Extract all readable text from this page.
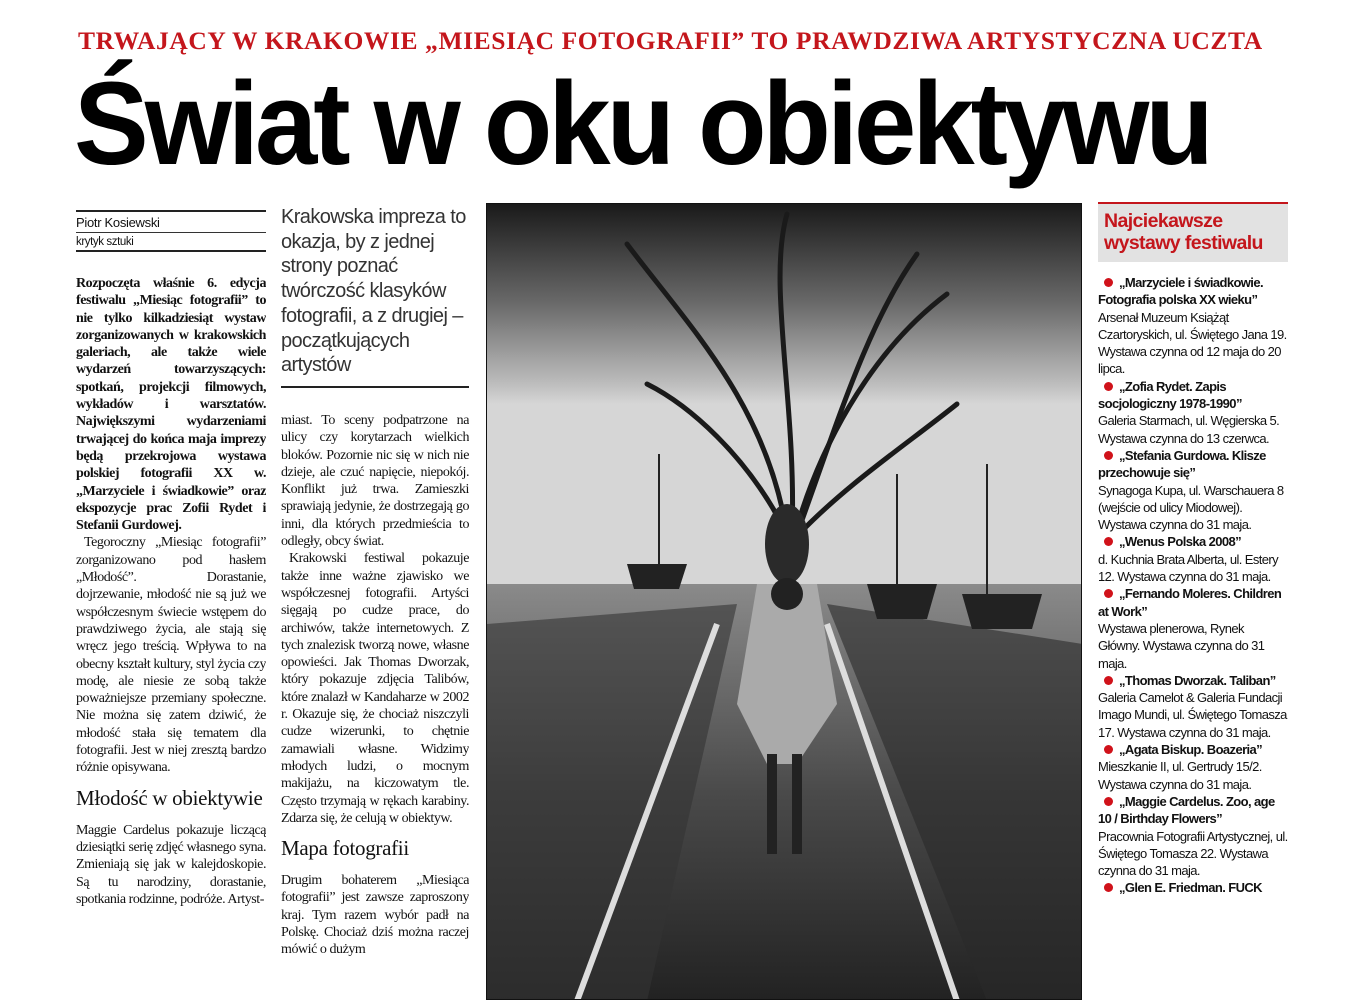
TRWAJĄCY W KRAKOWIE „MIESIĄC FOTOGRAFII” TO PRAWDZIWA ARTYSTYCZNA UCZTA
Świat w oku obiektywu
Piotr Kosiewski
krytyk sztuki

Rozpoczęta właśnie 6. edycja festiwalu „Miesiąc fotografii” to nie tylko kilkadziesiąt wystaw zorganizowanych w krakowskich galeriach, ale także wiele wydarzeń towarzyszących: spotkań, projekcji filmowych, wykładów i warsztatów. Największymi wydarzeniami trwającej do końca maja imprezy będą przekrojowa wystawa polskiej fotografii XX w. „Marzyciele i świadkowie” oraz ekspozycje prac Zofii Rydet i Stefanii Gurdowej.

Tegoroczny „Miesiąc fotografii” zorganizowano pod hasłem „Młodość”. Dorastanie, dojrzewanie, młodość nie są już we współczesnym świecie wstępem do prawdziwego życia, ale stają się wręcz jego treścią. Wpływa to na obecny kształt kultury, styl życia czy modę, ale niesie ze sobą także poważniejsze przemiany społeczne. Nie można się zatem dziwić, że młodość stała się tematem dla fotografii. Jest w niej zresztą bardzo różnie opisywana.

Młodość w obiektywie

Maggie Cardelus pokazuje liczącą dziesiątki serię zdjęć własnego syna. Zmieniają się jak w kalejdoskopie. Są tu narodziny, dorastanie, spotkania rodzinne, podróże. Artyst-

Krakowska impreza to okazja, by z jednej strony poznać twórczość klasyków fotografii, a z drugiej – początkujących artystów

miast. To sceny podpatrzone na ulicy czy korytarzach wielkich bloków. Pozornie nic się w nich nie dzieje, ale czuć napięcie, niepokój. Konflikt już trwa. Zamieszki sprawiają jedynie, że dostrzegają go inni, dla których przedmieścia to odległy, obcy świat.

Krakowski festiwal pokazuje także inne ważne zjawisko we współczesnej fotografii. Artyści sięgają po cudze prace, do archiwów, także internetowych. Z tych znalezisk tworzą nowe, własne opowieści. Jak Thomas Dworzak, który pokazuje zdjęcia Talibów, które znalazł w Kandaharze w 2002 r. Okazuje się, że chociaż niszczyli cudze wizerunki, to chętnie zamawiali własne. Widzimy młodych ludzi, o mocnym makijażu, na kiczowatym tle. Często trzymają w rękach karabiny. Zdarza się, że celują w obiektyw.

Mapa fotografii

Drugim bohaterem „Miesiąca fotografii” jest zawsze zaproszony kraj. Tym razem wybór padł na Polskę. Chociaż dziś można raczej mówić o dużym

Najciekawsze wystawy festiwalu
„Marzyciele i świadkowie. Fotografia polska XX wieku”
Arsenał Muzeum Książąt Czartoryskich, ul. Świętego Jana 19. Wystawa czynna od 12 maja do 20 lipca.
„Zofia Rydet. Zapis socjologiczny 1978-1990”
Galeria Starmach, ul. Węgierska 5. Wystawa czynna do 13 czerwca.
„Stefania Gurdowa. Klisze przechowuje się”
Synagoga Kupa, ul. Warschauera 8 (wejście od ulicy Miodowej). Wystawa czynna do 31 maja.
„Wenus Polska 2008”
d. Kuchnia Brata Alberta, ul. Estery 12. Wystawa czynna do 31 maja.
„Fernando Moleres. Children at Work”
Wystawa plenerowa, Rynek Główny. Wystawa czynna do 31 maja.
„Thomas Dworzak. Taliban”
Galeria Camelot & Galeria Fundacji Imago Mundi, ul. Świętego Tomasza 17. Wystawa czynna do 31 maja.
„Agata Biskup. Boazeria”
Mieszkanie II, ul. Gertrudy 15/2. Wystawa czynna do 31 maja.
„Maggie Cardelus. Zoo, age 10 / Birthday Flowers”
Pracownia Fotografii Artystycznej, ul. Świętego Tomasza 22. Wystawa czynna do 31 maja.
„Glen E. Friedman. FUCK
